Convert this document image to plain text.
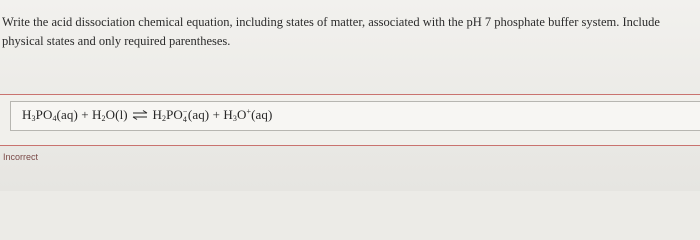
Write the acid dissociation chemical equation, including states of matter, associated with the pH 7 phosphate buffer system. Include physical states and only required parentheses.
$H_3PO_4(aq) + H_2O(l)$ ⇌ $H_2PO$ −
4 $(aq) + H_3O^+(aq)$
Incorrect
